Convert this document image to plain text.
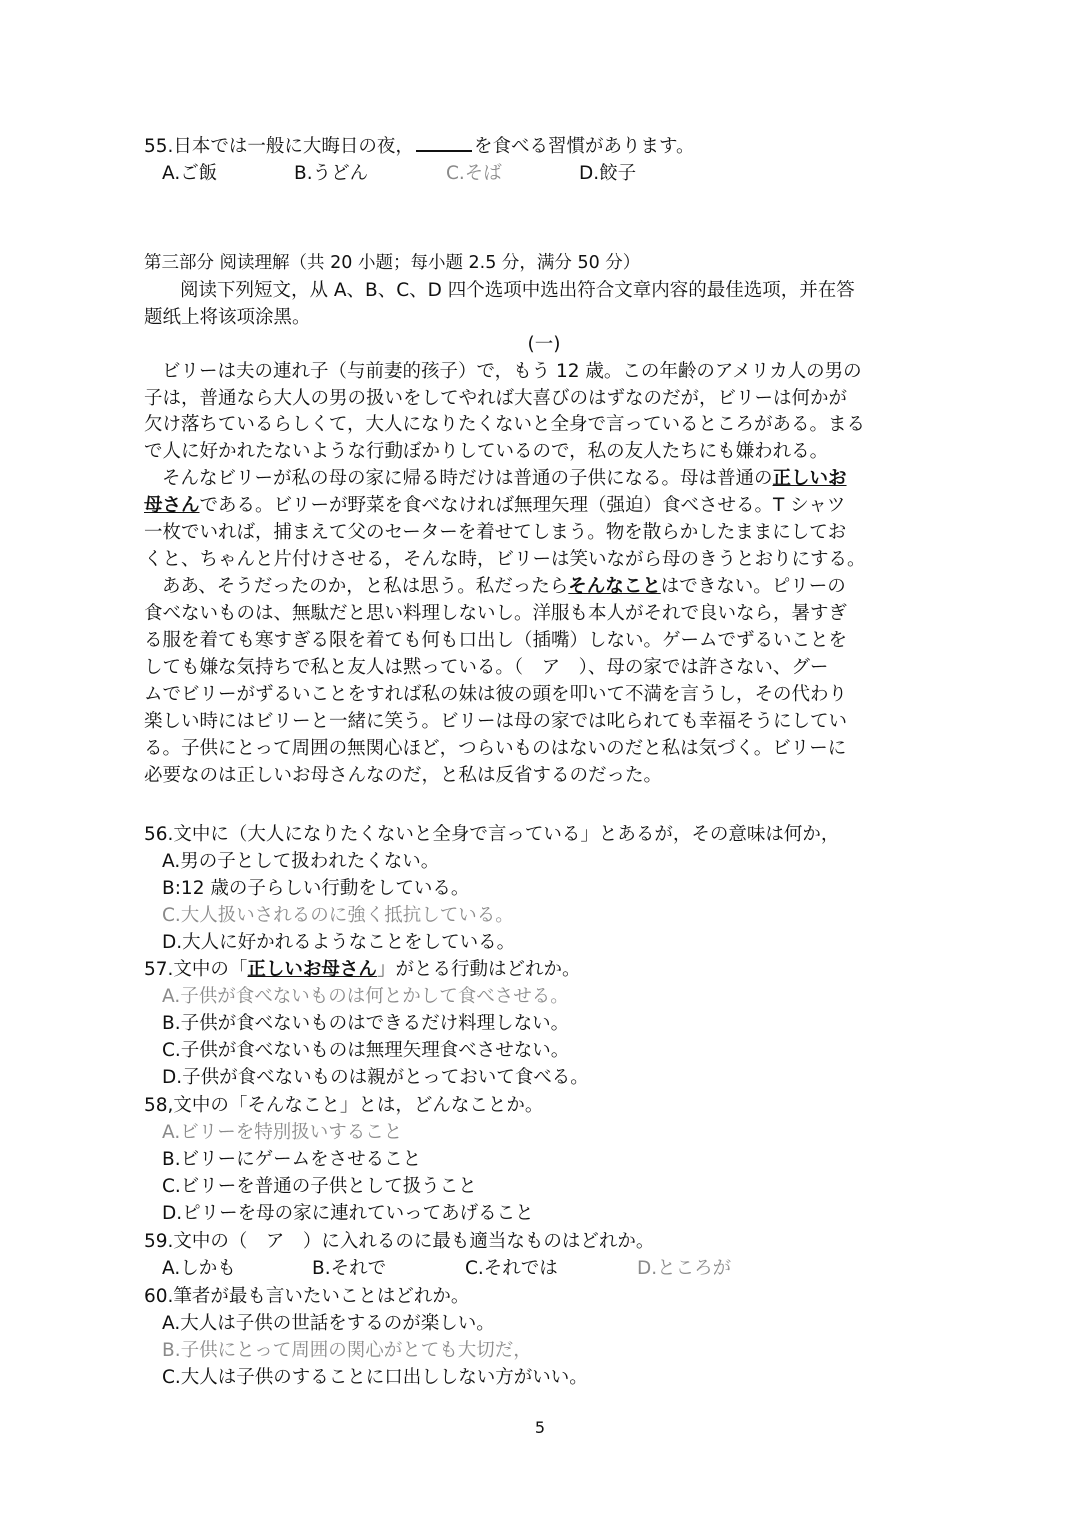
55.日本では一般に大晦日の夜，	を食べる習慣があります。
A.ご飯	B.うどん	C.そば	D.餃子
第三部分 阅读理解（共 20 小题；每小题 2.5 分，满分 50 分）
阅读下列短文，从 A、B、C、D 四个选项中选出符合文章内容的最佳选项，并在答
题纸上将该项涂黑。
(一)
ビリーは夫の連れ子（与前妻的孩子）で，もう 12 歳。この年齢のアメリカ人の男の
子は，普通なら大人の男の扱いをしてやれば大喜びのはずなのだが，ビリーは何かが
欠け落ちているらしくて，大人になりたくないと全身で言っているところがある。まる
で人に好かれたないような行動ぼかりしているので，私の友人たちにも嫌われる。
そんなビリーが私の母の家に帰る時だけは普通の子供になる。母は普通の正しいお
母さんである。ビリーが野菜を食べなければ無理矢理（强迫）食べさせる。T シャツ
一枚でいれば，捕まえて父のセーターを着せてしまう。物を散らかしたままにしてお
くと、ちゃんと片付けさせる，そんな時，ビリーは笑いながら母のきうとおりにする。
ああ、そうだったのか，と私は思う。私だったらそんなことはできない。ピリーの
食べないものは、無駄だと思い料理しないし。洋服も本人がそれで良いなら，暑すぎ
る服を着ても寒すぎる限を着ても何も口出し（插嘴）しない。ゲームでずるいことを
しても嫌な気持ちで私と友人は黙っている。（　ア　）、母の家では許さない、グー
ムでビリーがずるいことをすれば私の妹は彼の頭を叩いて不満を言うし，その代わり
楽しい時にはビリーと一緒に笑う。ビリーは母の家では叱られても幸福そうにしてい
る。子供にとって周囲の無関心ほど，つらいものはないのだと私は気づく。ビリーに
必要なのは正しいお母さんなのだ，と私は反省するのだった。
56.文中に（大人になりたくないと全身で言っている」とあるが，その意味は何か，
A.男の子として扱われたくない。
B:12 歳の子らしい行動をしている。
C.大人扱いされるのに強く抵抗している。
D.大人に好かれるようなことをしている。
57.文中の「正しいお母さん」がとる行動はどれか。
A.子供が食べないものは何とかして食べさせる。
B.子供が食べないものはできるだけ料理しない。
C.子供が食べないものは無理矢理食べさせない。
D.子供が食べないものは親がとっておいて食べる。
58,文中の「そんなこと」とは，どんなことか。
A.ビリーを特別扱いすること
B.ビリーにゲームをさせること
C.ビリーを普通の子供として扱うこと
D.ピリーを母の家に連れていってあげること
59.文中の（　ア　）に入れるのに最も適当なものはどれか。
A.しかも	B.それで	C.それでは	D.ところが
60.筆者が最も言いたいことはどれか。
A.大人は子供の世話をするのが楽しい。
B.子供にとって周囲の関心がとても大切だ，
C.大人は子供のすることに口出ししない方がいい。
5
